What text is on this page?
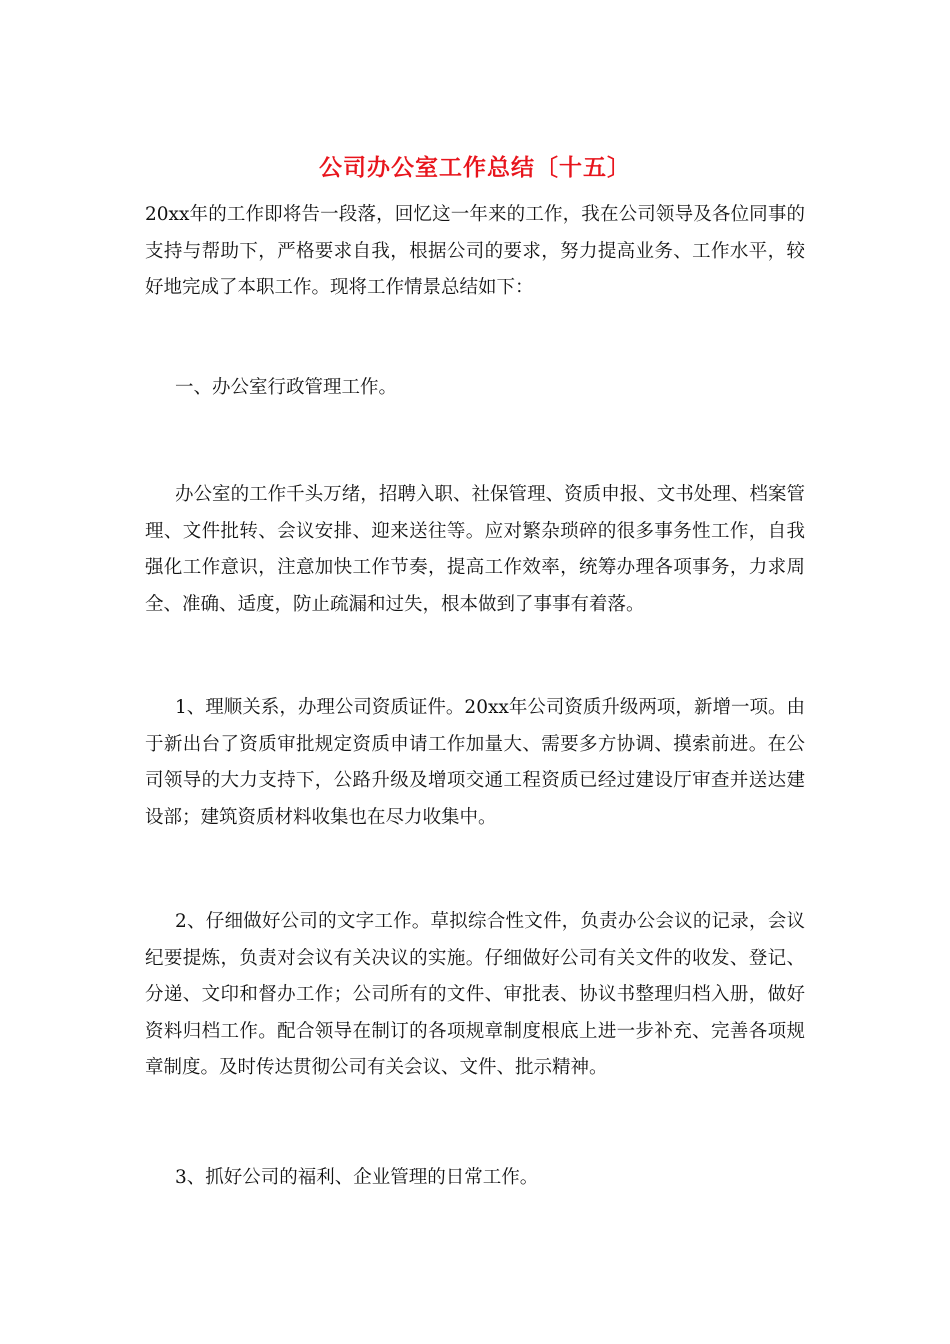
公司办公室工作总结〔十五〕

20xx年的工作即将告一段落，回忆这一年来的工作，我在公司领导及各位同事的支持与帮助下，严格要求自我，根据公司的要求，努力提高业务、工作水平，较好地完成了本职工作。现将工作情景总结如下：

一、办公室行政管理工作。

办公室的工作千头万绪，招聘入职、社保管理、资质申报、文书处理、档案管理、文件批转、会议安排、迎来送往等。应对繁杂琐碎的很多事务性工作，自我强化工作意识，注意加快工作节奏，提高工作效率，统筹办理各项事务，力求周全、准确、适度，防止疏漏和过失，根本做到了事事有着落。

1、理顺关系，办理公司资质证件。20xx年公司资质升级两项，新增一项。由于新出台了资质审批规定资质申请工作加量大、需要多方协调、摸索前进。在公司领导的大力支持下，公路升级及增项交通工程资质已经过建设厅审查并送达建设部；建筑资质材料收集也在尽力收集中。

2、仔细做好公司的文字工作。草拟综合性文件，负责办公会议的记录，会议纪要提炼，负责对会议有关决议的实施。仔细做好公司有关文件的收发、登记、分递、文印和督办工作；公司所有的文件、审批表、协议书整理归档入册，做好资料归档工作。配合领导在制订的各项规章制度根底上进一步补充、完善各项规章制度。及时传达贯彻公司有关会议、文件、批示精神。

3、抓好公司的福利、企业管理的日常工作。
